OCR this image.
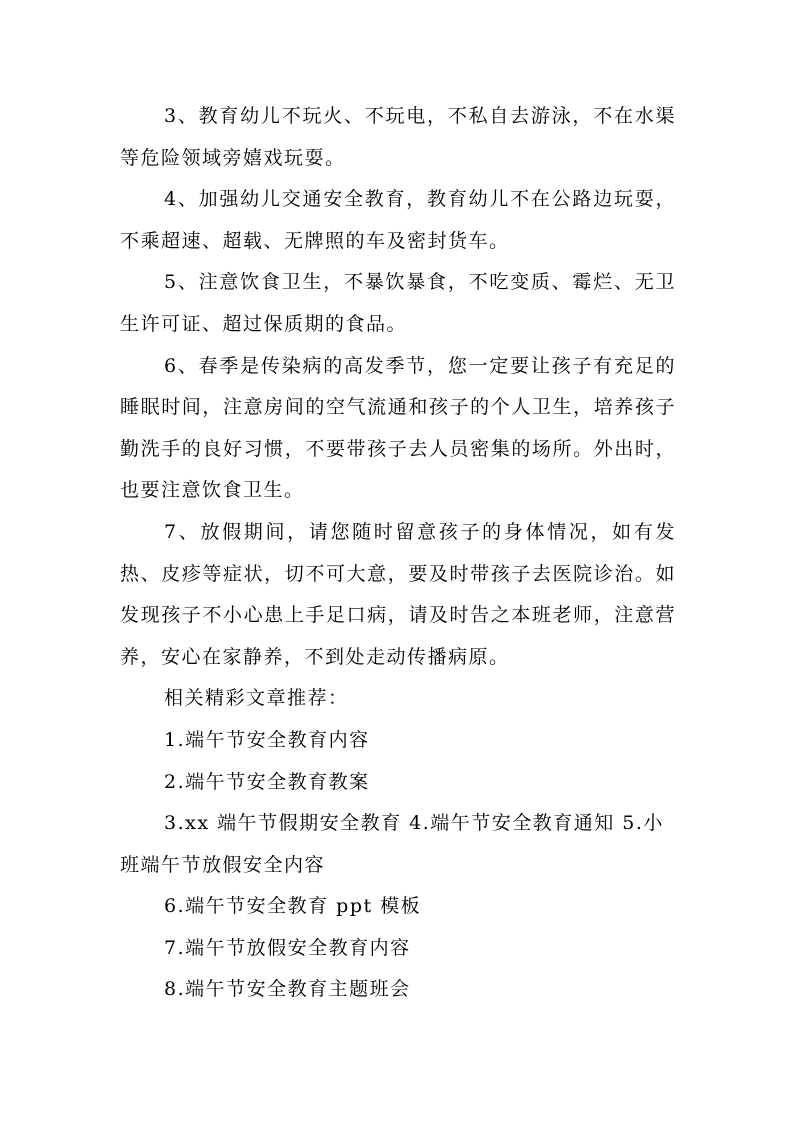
3、教育幼儿不玩火、不玩电，不私自去游泳，不在水渠等危险领域旁嬉戏玩耍。

4、加强幼儿交通安全教育，教育幼儿不在公路边玩耍，不乘超速、超载、无牌照的车及密封货车。

5、注意饮食卫生，不暴饮暴食，不吃变质、霉烂、无卫生许可证、超过保质期的食品。

6、春季是传染病的高发季节，您一定要让孩子有充足的睡眠时间，注意房间的空气流通和孩子的个人卫生，培养孩子勤洗手的良好习惯，不要带孩子去人员密集的场所。外出时，也要注意饮食卫生。

7、放假期间，请您随时留意孩子的身体情况，如有发热、皮疹等症状，切不可大意，要及时带孩子去医院诊治。如发现孩子不小心患上手足口病，请及时告之本班老师，注意营养，安心在家静养，不到处走动传播病原。

相关精彩文章推荐：

1.端午节安全教育内容
2.端午节安全教育教案
3.xx 端午节假期安全教育 4.端午节安全教育通知 5.小班端午节放假安全内容
6.端午节安全教育 ppt 模板
7.端午节放假安全教育内容
8.端午节安全教育主题班会
